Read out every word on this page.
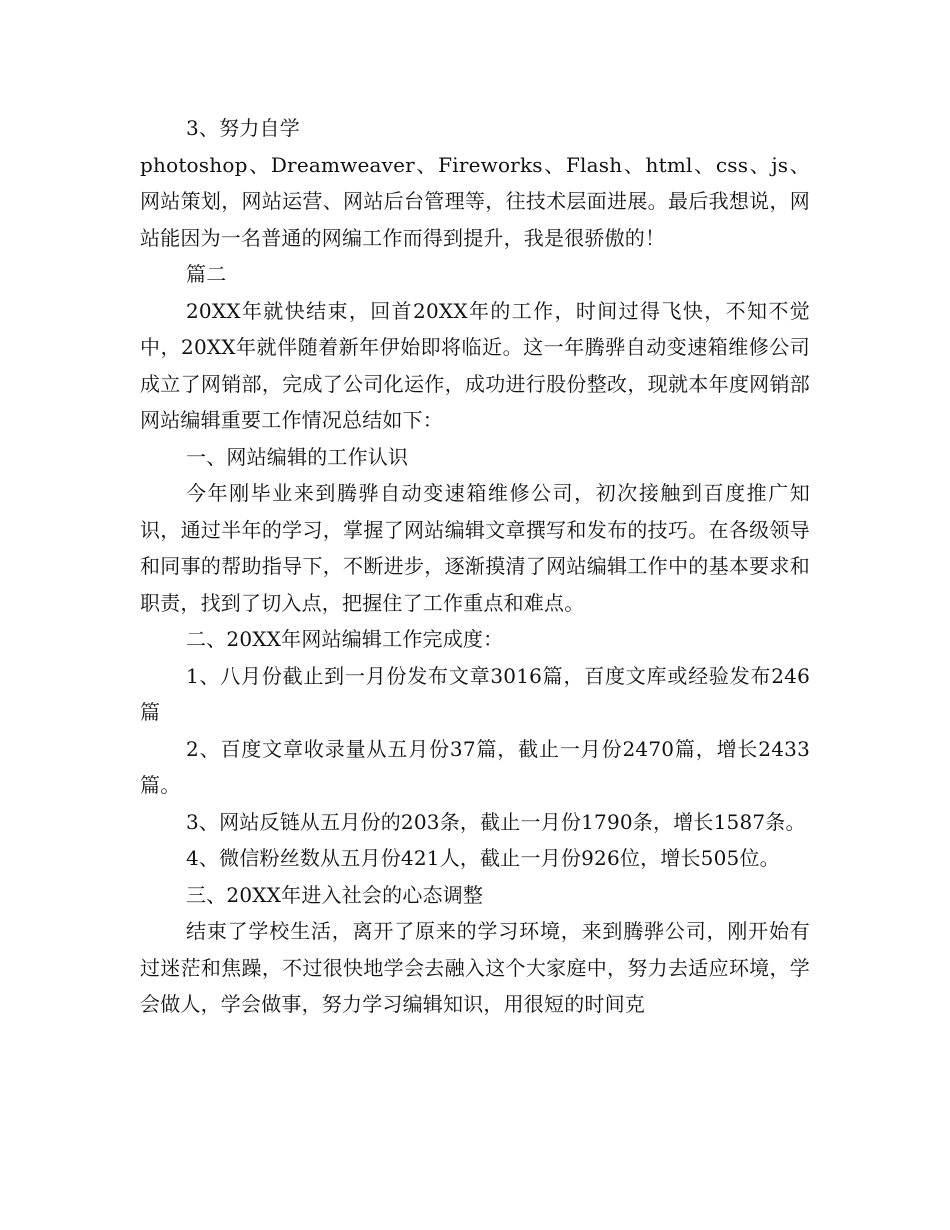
3、努力自学

photoshop、Dreamweaver、Fireworks、Flash、html、css、js、网站策划，网站运营、网站后台管理等，往技术层面进展。最后我想说，网站能因为一名普通的网编工作而得到提升，我是很骄傲的！

篇二

20XX年就快结束，回首20XX年的工作，时间过得飞快，不知不觉中，20XX年就伴随着新年伊始即将临近。这一年腾骅自动变速箱维修公司成立了网销部，完成了公司化运作，成功进行股份整改，现就本年度网销部网站编辑重要工作情况总结如下：

一、网站编辑的工作认识

今年刚毕业来到腾骅自动变速箱维修公司，初次接触到百度推广知识，通过半年的学习，掌握了网站编辑文章撰写和发布的技巧。在各级领导和同事的帮助指导下，不断进步，逐渐摸清了网站编辑工作中的基本要求和职责，找到了切入点，把握住了工作重点和难点。

二、20XX年网站编辑工作完成度：

1、八月份截止到一月份发布文章3016篇，百度文库或经验发布246篇

2、百度文章收录量从五月份37篇，截止一月份2470篇，增长2433篇。

3、网站反链从五月份的203条，截止一月份1790条，增长1587条。

4、微信粉丝数从五月份421人，截止一月份926位，增长505位。

三、20XX年进入社会的心态调整

结束了学校生活，离开了原来的学习环境，来到腾骅公司，刚开始有过迷茫和焦躁，不过很快地学会去融入这个大家庭中，努力去适应环境，学会做人，学会做事，努力学习编辑知识，用很短的时间克
